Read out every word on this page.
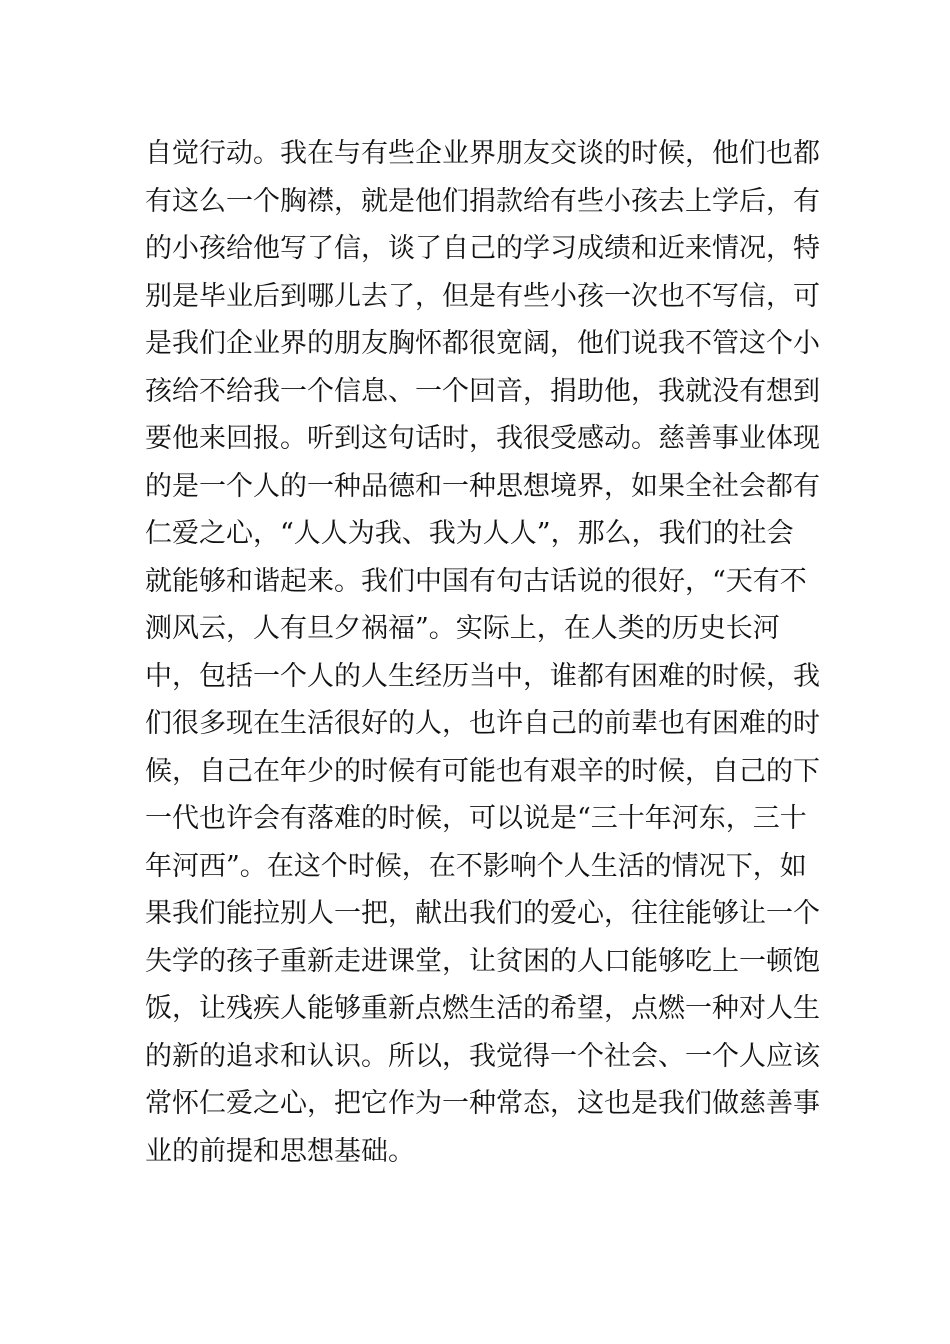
自觉行动。我在与有些企业界朋友交谈的时候，他们也都
有这么一个胸襟，就是他们捐款给有些小孩去上学后，有
的小孩给他写了信，谈了自己的学习成绩和近来情况，特
别是毕业后到哪儿去了，但是有些小孩一次也不写信，可
是我们企业界的朋友胸怀都很宽阔，他们说我不管这个小
孩给不给我一个信息、一个回音，捐助他，我就没有想到
要他来回报。听到这句话时，我很受感动。慈善事业体现
的是一个人的一种品德和一种思想境界，如果全社会都有
仁爱之心，“人人为我、我为人人”，那么，我们的社会
就能够和谐起来。我们中国有句古话说的很好，“天有不
测风云，人有旦夕祸福”。实际上，在人类的历史长河
中，包括一个人的人生经历当中，谁都有困难的时候，我
们很多现在生活很好的人，也许自己的前辈也有困难的时
候，自己在年少的时候有可能也有艰辛的时候，自己的下
一代也许会有落难的时候，可以说是“三十年河东，三十
年河西”。在这个时候，在不影响个人生活的情况下，如
果我们能拉别人一把，献出我们的爱心，往往能够让一个
失学的孩子重新走进课堂，让贫困的人口能够吃上一顿饱
饭，让残疾人能够重新点燃生活的希望，点燃一种对人生
的新的追求和认识。所以，我觉得一个社会、一个人应该
常怀仁爱之心，把它作为一种常态，这也是我们做慈善事
业的前提和思想基础。
